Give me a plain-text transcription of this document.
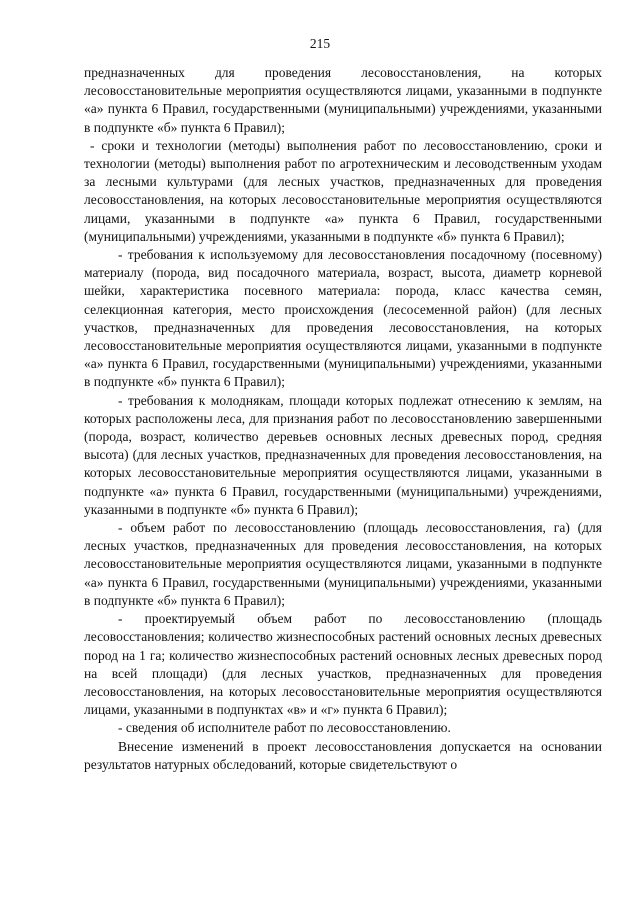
215

предназначенных для проведения лесовосстановления, на которых лесовосстановительные мероприятия осуществляются лицами, указанными в подпункте «а» пункта 6 Правил, государственными (муниципальными) учреждениями, указанными в подпункте «б» пункта 6 Правил);

- сроки и технологии (методы) выполнения работ по лесовосстановлению, сроки и технологии (методы) выполнения работ по агротехническим и лесоводственным уходам за лесными культурами (для лесных участков, предназначенных для проведения лесовосстановления, на которых лесовосстановительные мероприятия осуществляются лицами, указанными в подпункте «а» пункта 6 Правил, государственными (муниципальными) учреждениями, указанными в подпункте «б» пункта 6 Правил);

- требования к используемому для лесовосстановления посадочному (посевному) материалу (порода, вид посадочного материала, возраст, высота, диаметр корневой шейки, характеристика посевного материала: порода, класс качества семян, селекционная категория, место происхождения (лесосеменной район) (для лесных участков, предназначенных для проведения лесовосстановления, на которых лесовосстановительные мероприятия осуществляются лицами, указанными в подпункте «а» пункта 6 Правил, государственными (муниципальными) учреждениями, указанными в подпункте «б» пункта 6 Правил);

- требования к молоднякам, площади которых подлежат отнесению к землям, на которых расположены леса, для признания работ по лесовосстановлению завершенными (порода, возраст, количество деревьев основных лесных древесных пород, средняя высота) (для лесных участков, предназначенных для проведения лесовосстановления, на которых лесовосстановительные мероприятия осуществляются лицами, указанными в подпункте «а» пункта 6 Правил, государственными (муниципальными) учреждениями, указанными в подпункте «б» пункта 6 Правил);

- объем работ по лесовосстановлению (площадь лесовосстановления, га) (для лесных участков, предназначенных для проведения лесовосстановления, на которых лесовосстановительные мероприятия осуществляются лицами, указанными в подпункте «а» пункта 6 Правил, государственными (муниципальными) учреждениями, указанными в подпункте «б» пункта 6 Правил);

- проектируемый объем работ по лесовосстановлению (площадь лесовосстановления; количество жизнеспособных растений основных лесных древесных пород на 1 га; количество жизнеспособных растений основных лесных древесных пород на всей площади) (для лесных участков, предназначенных для проведения лесовосстановления, на которых лесовосстановительные мероприятия осуществляются лицами, указанными в подпунктах «в» и «г» пункта 6 Правил);

- сведения об исполнителе работ по лесовосстановлению.

Внесение изменений в проект лесовосстановления допускается на основании результатов натурных обследований, которые свидетельствуют о
